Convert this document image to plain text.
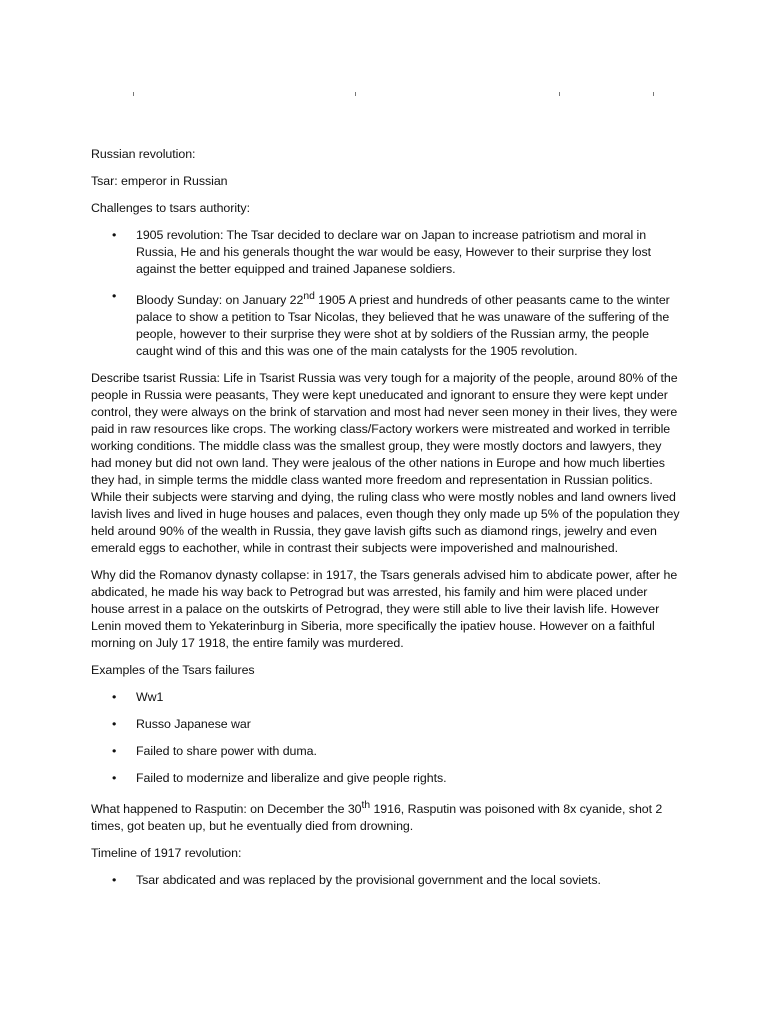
Russian revolution:

Tsar: emperor in Russian

Challenges to tsars authority:

• 1905 revolution: The Tsar decided to declare war on Japan to increase patriotism and moral in Russia, He and his generals thought the war would be easy, However to their surprise they lost against the better equipped and trained Japanese soldiers.
• Bloody Sunday: on January 22nd 1905 A priest and hundreds of other peasants came to the winter palace to show a petition to Tsar Nicolas, they believed that he was unaware of the suffering of the people, however to their surprise they were shot at by soldiers of the Russian army, the people caught wind of this and this was one of the main catalysts for the 1905 revolution.

Describe tsarist Russia: Life in Tsarist Russia was very tough for a majority of the people, around 80% of the people in Russia were peasants, They were kept uneducated and ignorant to ensure they were kept under control, they were always on the brink of starvation and most had never seen money in their lives, they were paid in raw resources like crops. The working class/Factory workers were mistreated and worked in terrible working conditions. The middle class was the smallest group, they were mostly doctors and lawyers, they had money but did not own land. They were jealous of the other nations in Europe and how much liberties they had, in simple terms the middle class wanted more freedom and representation in Russian politics. While their subjects were starving and dying, the ruling class who were mostly nobles and land owners lived lavish lives and lived in huge houses and palaces, even though they only made up 5% of the population they held around 90% of the wealth in Russia, they gave lavish gifts such as diamond rings, jewelry and even emerald eggs to eachother, while in contrast their subjects were impoverished and malnourished.

Why did the Romanov dynasty collapse: in 1917, the Tsars generals advised him to abdicate power, after he abdicated, he made his way back to Petrograd but was arrested, his family and him were placed under house arrest in a palace on the outskirts of Petrograd, they were still able to live their lavish life. However Lenin moved them to Yekaterinburg in Siberia, more specifically the ipatiev house. However on a faithful morning on July 17 1918, the entire family was murdered.

Examples of the Tsars failures

• Ww1
• Russo Japanese war
• Failed to share power with duma.
• Failed to modernize and liberalize and give people rights.

What happened to Rasputin: on December the 30th 1916, Rasputin was poisoned with 8x cyanide, shot 2 times, got beaten up, but he eventually died from drowning.

Timeline of 1917 revolution:

• Tsar abdicated and was replaced by the provisional government and the local soviets.
